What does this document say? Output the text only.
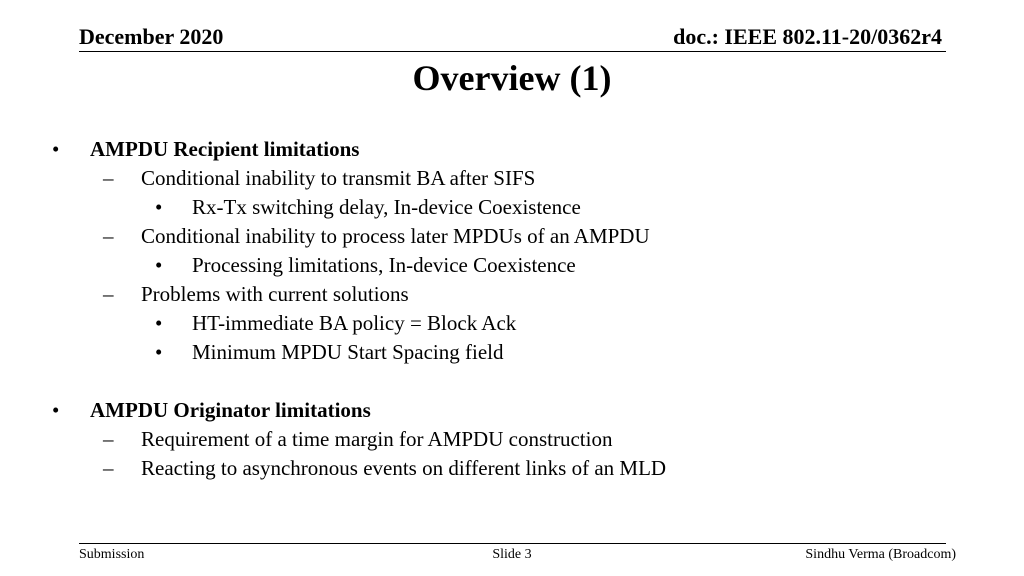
December 2020	doc.: IEEE 802.11-20/0362r4
Overview (1)
• AMPDU Recipient limitations
– Conditional inability to transmit BA after SIFS
• Rx-Tx switching delay, In-device Coexistence
– Conditional inability to process later MPDUs of an AMPDU
• Processing limitations, In-device Coexistence
– Problems with current solutions
• HT-immediate BA policy = Block Ack
• Minimum MPDU Start Spacing field
• AMPDU Originator limitations
– Requirement of a time margin for AMPDU construction
– Reacting to asynchronous events on different links of an MLD
Submission	Slide 3	Sindhu Verma (Broadcom)
